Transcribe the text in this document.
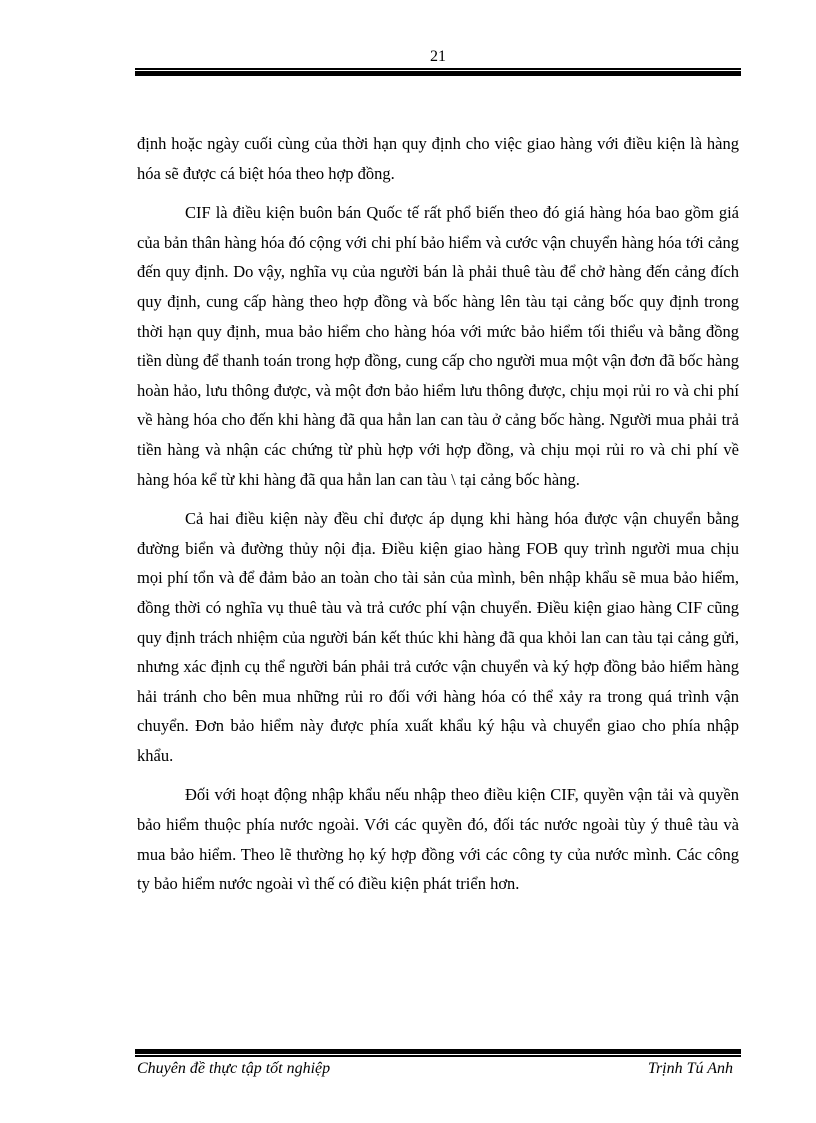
21

định hoặc ngày cuối cùng của thời hạn quy định cho việc giao hàng với điều kiện là hàng hóa sẽ được cá biệt hóa theo hợp đồng.

CIF là điều kiện buôn bán Quốc tế rất phổ biến theo đó giá hàng hóa bao gồm giá của bản thân hàng hóa đó cộng với chi phí bảo hiểm và cước vận chuyển hàng hóa tới cảng đến quy định. Do vậy, nghĩa vụ của người bán là phải thuê tàu để chở hàng đến cảng đích quy định, cung cấp hàng theo hợp đồng và bốc hàng lên tàu tại cảng bốc quy định trong thời hạn quy định, mua bảo hiểm cho hàng hóa với mức bảo hiểm tối thiểu và bằng đồng tiền dùng để thanh toán trong hợp đồng, cung cấp cho người mua một vận đơn đã bốc hàng hoàn hảo, lưu thông được, và một đơn bảo hiểm lưu thông được, chịu mọi rủi ro và chi phí về hàng hóa cho đến khi hàng đã qua hẳn lan can tàu ở cảng bốc hàng. Người mua phải trả tiền hàng và nhận các chứng từ phù hợp với hợp đồng, và chịu mọi rủi ro và chi phí về hàng hóa kể từ khi hàng đã qua hẳn lan can tàu \ tại cảng bốc hàng.

Cả hai điều kiện này đều chỉ được áp dụng khi hàng hóa được vận chuyển bằng đường biển và đường thủy nội địa. Điều kiện giao hàng FOB quy trình người mua chịu mọi phí tổn và để đảm bảo an toàn cho tài sản của mình, bên nhập khẩu sẽ mua bảo hiểm, đồng thời có nghĩa vụ thuê tàu và trả cước phí vận chuyển. Điều kiện giao hàng CIF cũng quy định trách nhiệm của người bán kết thúc khi hàng đã qua khỏi lan can tàu tại cảng gửi, nhưng xác định cụ thể người bán phải trả cước vận chuyển và ký hợp đồng bảo hiểm hàng hải tránh cho bên mua những rủi ro đối với hàng hóa có thể xảy ra trong quá trình vận chuyển. Đơn bảo hiểm này được phía xuất khẩu ký hậu và chuyển giao cho phía nhập khẩu.

Đối với hoạt động nhập khẩu nếu nhập theo điều kiện CIF, quyền vận tải và quyền bảo hiểm thuộc phía nước ngoài. Với các quyền đó, đối tác nước ngoài tùy ý thuê tàu và mua bảo hiểm. Theo lẽ thường họ ký hợp đồng với các công ty của nước mình. Các công ty bảo hiểm nước ngoài vì thế có điều kiện phát triển hơn.

Chuyên đề thực tập tốt nghiệp	Trịnh Tú Anh
